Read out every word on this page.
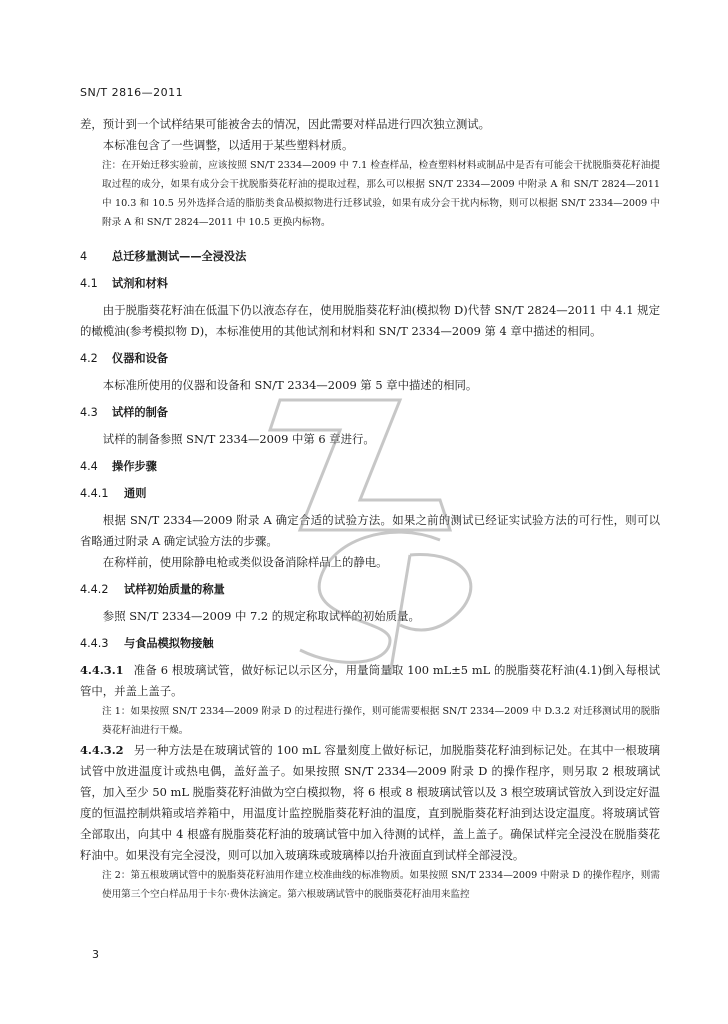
SN/T 2816—2011

差，预计到一个试样结果可能被舍去的情况，因此需要对样品进行四次独立测试。

本标准包含了一些调整，以适用于某些塑料材质。

注：在开始迁移实验前，应该按照 SN/T 2334—2009 中 7.1 检查样品，检查塑料材料或制品中是否有可能会干扰脱脂葵花籽油提取过程的成分，如果有成分会干扰脱脂葵花籽油的提取过程，那么可以根据 SN/T 2334—2009 中附录 A 和 SN/T 2824—2011 中 10.3 和 10.5 另外选择合适的脂肪类食品模拟物进行迁移试验，如果有成分会干扰内标物，则可以根据 SN/T 2334—2009 中附录 A 和 SN/T 2824—2011 中 10.5 更换内标物。

4 总迁移量测试——全浸没法

4.1 试剂和材料

由于脱脂葵花籽油在低温下仍以液态存在，使用脱脂葵花籽油(模拟物 D)代替 SN/T 2824—2011 中 4.1 规定的橄榄油(参考模拟物 D)，本标准使用的其他试剂和材料和 SN/T 2334—2009 第 4 章中描述的相同。

4.2 仪器和设备

本标准所使用的仪器和设备和 SN/T 2334—2009 第 5 章中描述的相同。

4.3 试样的制备

试样的制备参照 SN/T 2334—2009 中第 6 章进行。

4.4 操作步骤

4.4.1 通则

根据 SN/T 2334—2009 附录 A 确定合适的试验方法。如果之前的测试已经证实试验方法的可行性，则可以省略通过附录 A 确定试验方法的步骤。

在称样前，使用除静电枪或类似设备消除样品上的静电。

4.4.2 试样初始质量的称量

参照 SN/T 2334—2009 中 7.2 的规定称取试样的初始质量。

4.4.3 与食品模拟物接触

4.4.3.1 准备 6 根玻璃试管，做好标记以示区分，用量筒量取 100 mL±5 mL 的脱脂葵花籽油(4.1)倒入每根试管中，并盖上盖子。

注 1：如果按照 SN/T 2334—2009 附录 D 的过程进行操作，则可能需要根据 SN/T 2334—2009 中 D.3.2 对迁移测试用的脱脂葵花籽油进行干燥。

4.4.3.2 另一种方法是在玻璃试管的 100 mL 容量刻度上做好标记，加脱脂葵花籽油到标记处。在其中一根玻璃试管中放进温度计或热电偶，盖好盖子。如果按照 SN/T 2334—2009 附录 D 的操作程序，则另取 2 根玻璃试管，加入至少 50 mL 脱脂葵花籽油做为空白模拟物，将 6 根或 8 根玻璃试管以及 3 根空玻璃试管放入到设定好温度的恒温控制烘箱或培养箱中，用温度计监控脱脂葵花籽油的温度，直到脱脂葵花籽油到达设定温度。将玻璃试管全部取出，向其中 4 根盛有脱脂葵花籽油的玻璃试管中加入待测的试样，盖上盖子。确保试样完全浸没在脱脂葵花籽油中。如果没有完全浸没，则可以加入玻璃珠或玻璃棒以抬升液面直到试样全部浸没。

注 2：第五根玻璃试管中的脱脂葵花籽油用作建立校准曲线的标准物质。如果按照 SN/T 2334—2009 中附录 D 的操作程序，则需使用第三个空白样品用于卡尔·费休法滴定。第六根玻璃试管中的脱脂葵花籽油用来监控

3
